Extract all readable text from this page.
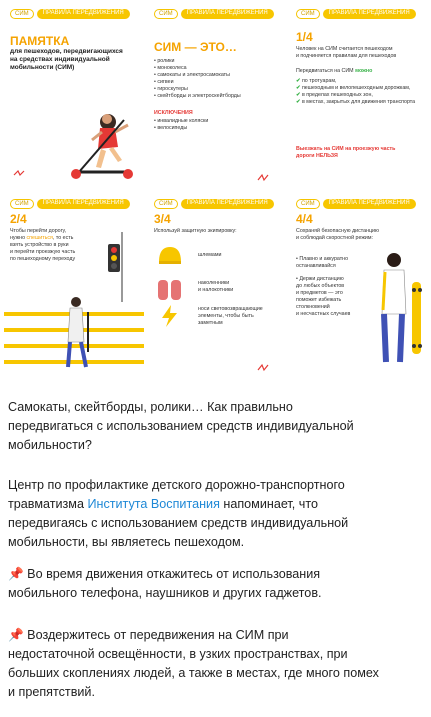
СИМ	ПРАВИЛА ПЕРЕДВИЖЕНИЯ
ПАМЯТКА
для пешеходов, передвигающихся
на средствах индивидуальной
мобильности (СИМ)
СИМ	ПРАВИЛА ПЕРЕДВИЖЕНИЯ
СИМ — ЭТО…
• ролики
• моноколеса
• самокаты и электросамокаты
• сигвеи
• гироскутеры
• скейтборды и электроскейтборды
ИСКЛЮЧЕНИЯ
• инвалидные коляски
• велосипеды
СИМ	ПРАВИЛА ПЕРЕДВИЖЕНИЯ
1/4
Человек на СИМ считается пешеходом
и подчиняется правилам для пешеходов
Передвигаться на СИМ можно
✔ по тротуарам,
✔ пешеходным и велопешеходным дорожкам,
✔ в пределах пешеходных зон,
✔ в местах, закрытых для движения транспорта
Выезжать на СИМ на проезжую часть
дороги НЕЛЬЗЯ
СИМ	ПРАВИЛА ПЕРЕДВИЖЕНИЯ
2/4
Чтобы перейти дорогу,
нужно спешиться, то есть
взять устройство в руки
и перейти проезжую часть
по пешеходному переходу
СИМ	ПРАВИЛА ПЕРЕДВИЖЕНИЯ
3/4
Используй защитную экипировку:
шлемами
наколенники
и налокотники
носи световозвращающие
элементы, чтобы быть
заметным
СИМ	ПРАВИЛА ПЕРЕДВИЖЕНИЯ
4/4
Сохраняй безопасную дистанцию
и соблюдай скоростной режим:
• Плавно и аккуратно
останавливайся
• Держи дистанцию
до любых объектов
и предметов — это
поможет избежать
столкновений
и несчастных случаев
Самокаты, скейтборды, ролики… Как правильно
передвигаться с использованием средств индивидуальной
мобильности?
Центр по профилактике детского дорожно-транспортного
травматизма Института Воспитания напоминает, что
передвигаясь с использованием средств индивидуальной
мобильности, вы являетесь пешеходом.
📌 Во время движения откажитесь от использования
мобильного телефона, наушников и других гаджетов.
📌 Воздержитесь от передвижения на СИМ при
недостаточной освещённости, в узких пространствах, при
больших скоплениях людей, а также в местах, где много помех
и препятствий.
